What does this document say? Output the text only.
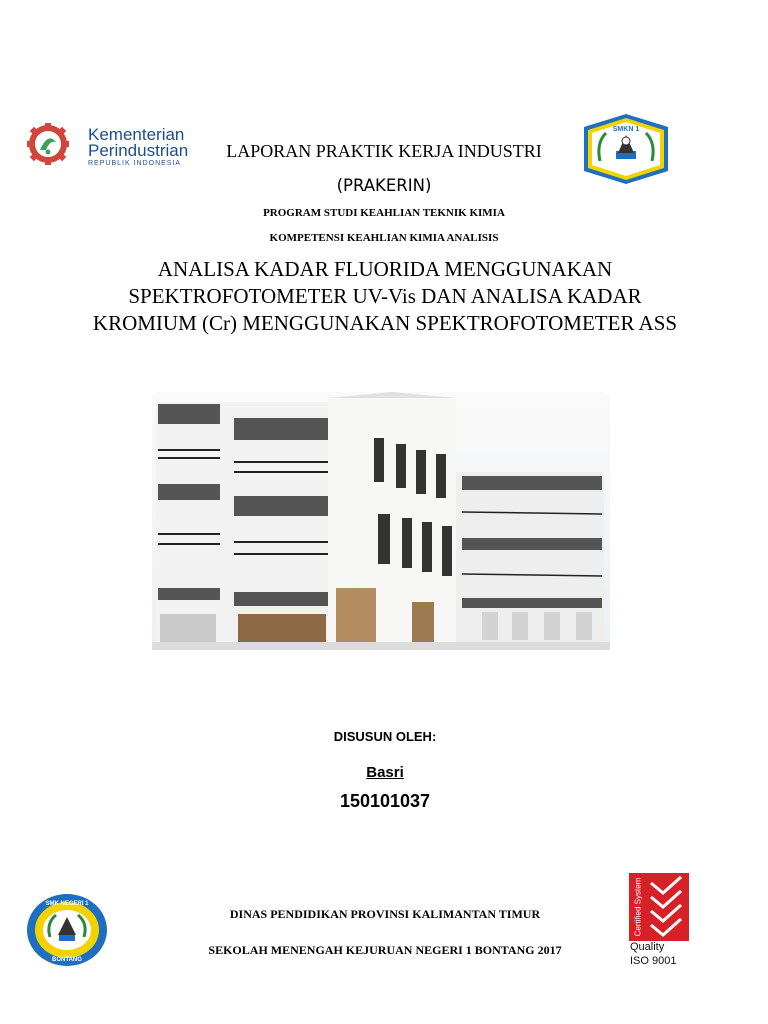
Kementerian
Perindustrian
REPUBLIK INDONESIA
SMKN 1
LAPORAN PRAKTIK KERJA INDUSTRI
(PRAKERIN)
PROGRAM STUDI KEAHLIAN TEKNIK KIMIA
KOMPETENSI KEAHLIAN KIMIA ANALISIS
ANALISA KADAR FLUORIDA MENGGUNAKAN SPEKTROFOTOMETER UV-Vis DAN ANALISA KADAR KROMIUM (Cr) MENGGUNAKAN SPEKTROFOTOMETER ASS
DISUSUN OLEH:
Basri
150101037
SMK NEGERI 1
BONTANG
DINAS PENDIDIKAN PROVINSI KALIMANTAN TIMUR
SEKOLAH MENENGAH KEJURUAN NEGERI 1 BONTANG 2017
Certified System
Quality
ISO 9001
